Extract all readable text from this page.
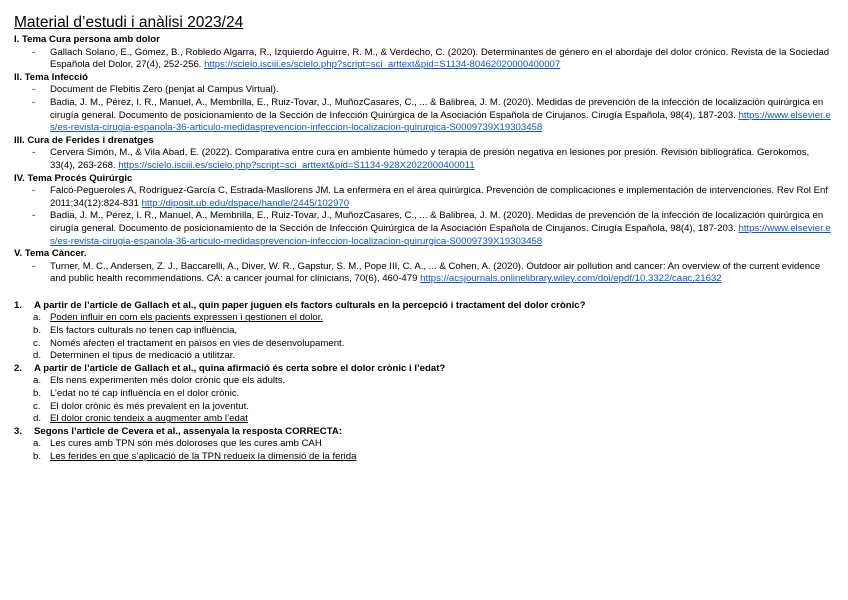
Material d’estudi i anàlisi 2023/24
I. Tema Cura persona amb dolor
- Gallach Solano, E., Gómez, B., Robledo Algarra, R., Izquierdo Aguirre, R. M., & Verdecho, C. (2020). Determinantes de género en el abordaje del dolor crónico. Revista de la Sociedad Española del Dolor, 27(4), 252-256. https://scielo.isciii.es/scielo.php?script=sci_arttext&pid=S1134-80462020000400007
II. Tema Infecció
- Document de Flebitis Zero (penjat al Campus Virtual).
- Badia, J. M., Pérez, I. R., Manuel, A., Membrilla, E., Ruiz-Tovar, J., MuñozCasares, C., ... & Balibrea, J. M. (2020). Medidas de prevención de la infección de localización quirúrgica en cirugía general. Documento de posicionamiento de la Sección de Infección Quirúrgica de la Asociación Española de Cirujanos. Cirugía Española, 98(4), 187-203. https://www.elsevier.es/es-revista-cirugia-espanola-36-articulo-medidasprevencion-infeccion-localizacion-quirurgica-S0009739X19303458
III. Cura de Ferides i drenatges
- Cervera Simón, M., & Vila Abad, E. (2022). Comparativa entre cura en ambiente húmedo y terapia de presión negativa en lesiones por presión. Revisión bibliográfica. Gerokomos, 33(4), 263-268. https://scielo.isciii.es/scielo.php?script=sci_arttext&pid=S1134-928X2022000400011
IV. Tema Procés Quirúrgic
- Falcó-Pegueroles A, Rodríguez-García C, Estrada-Masllorens JM. La enfermera en el área quirúrgica. Prevención de complicaciones e implementación de intervenciones. Rev Rol Enf 2011;34(12):824-831 http://diposit.ub.edu/dspace/handle/2445/102970
- Badia, J. M., Pérez, I. R., Manuel, A., Membrilla, E., Ruiz-Tovar, J., MuñozCasares, C., ... & Balibrea, J. M. (2020). Medidas de prevención de la infección de localización quirúrgica en cirugía general. Documento de posicionamiento de la Sección de Infección Quirúrgica de la Asociación Española de Cirujanos. Cirugía Española, 98(4), 187-203. https://www.elsevier.es/es-revista-cirugia-espanola-36-articulo-medidasprevencion-infeccion-localizacion-quirurgica-S0009739X19303458
V. Tema Càncer.
- Turner, M. C., Andersen, Z. J., Baccarelli, A., Diver, W. R., Gapstur, S. M., Pope III, C. A., ... & Cohen, A. (2020). Outdoor air pollution and cancer: An overview of the current evidence and public health recommendations. CA: a cancer journal for clinicians, 70(6), 460-479 https://acsjournals.onlinelibrary.wiley.com/doi/epdf/10.3322/caac.21632
1. A partir de l’article de Gallach et al., quin paper juguen els factors culturals en la percepció i tractament del dolor crònic?
a. Poden influir en com els pacients expressen i gestionen el dolor.
b. Els factors culturals no tenen cap influència,
c. Només afecten el tractament en països en vies de desenvolupament.
d. Determinen el tipus de medicació a utilitzar.
2. A partir de l’article de Gallach et al., quina afirmació és certa sobre el dolor crònic i l’edat?
a. Els nens experimenten més dolor crònic que els adults.
b. L’edat no té cap influència en el dolor crònic.
c. El dolor crònic és més prevalent en la joventut.
d. El dolor cronic tendeix a augmenter amb l’edat
3. Segons l’article de Cevera et al., assenyala la resposta CORRECTA:
a. Les cures amb TPN són més doloroses que les cures amb CAH
b. Les ferides en que s’aplicació de la TPN redueix la dimensió de la ferida
